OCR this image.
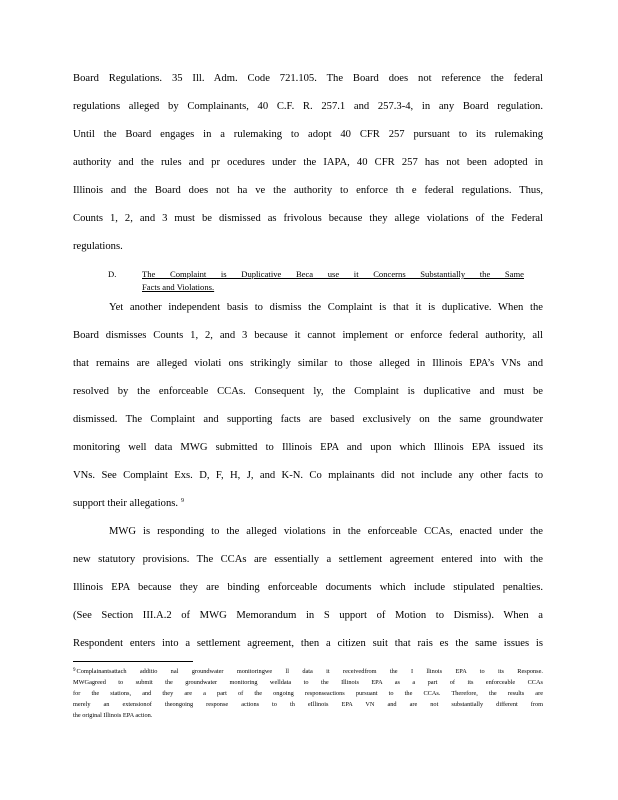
Board Regulations. 35 Ill. Adm. Code 721.105. The Board does not reference the federal
regulations alleged by Complainants, 40 C.F. R. 257.1 and 257.3-4, in any Board regulation.
Until the Board engages in a rulemaking to adopt 40 CFR 257 pursuant to its rulemaking
authority and the rules and pr ocedures under the IAPA, 40 CFR 257 has not been adopted in
Illinois and the Board does not ha ve the authority to enforce th e federal regulations. Thus,
Counts 1, 2, and 3 must be dismissed as frivolous because they allege violations of the Federal
regulations.
D.	The Complaint is Duplicative Beca use it Concerns Substantially the Same
Facts and Violations.
Yet another independent basis to dismiss the Complaint is that it is duplicative. When the
Board dismisses Counts 1, 2, and 3 because it cannot implement or enforce federal authority, all
that remains are alleged violati ons strikingly similar to those alleged in Illinois EPA’s VNs and
resolved by the enforceable CCAs. Consequent ly, the Complaint is duplicative and must be
dismissed. The Complaint and supporting facts are based exclusively on the same groundwater
monitoring well data MWG submitted to Illinois EPA and upon which Illinois EPA issued its
VNs. See Complaint Exs. D, F, H, J, and K-N. Co mplainants did not include any other facts to
support their allegations. $^9$
MWG is responding to the alleged violations in the enforceable CCAs, enacted under the
new statutory provisions. The CCAs are essentially a settlement agreement entered into with the
Illinois EPA because they are binding enforceable documents which include stipulated penalties.
(See Section III.A.2 of MWG Memorandum in S upport of Motion to Dismiss). When a
Respondent enters into a settlement agreement, then a citizen suit that rais es the same issues is
$^9$Complainantsattach additio nal groundwater monitoringwe ll data it receivedfrom the I llinois EPA to its Response.
MWGagreed to submit the groundwater monitoring welldata to the Illinois EPA as a part of its enforceable CCAs
for the stations, and they are a part of the ongoing responseactions pursuant to the CCAs. Therefore, the results are
merely an extensionof theongoing response actions to th eIllinois EPA VN and are not substantially different from
the original Illinois EPA action.
